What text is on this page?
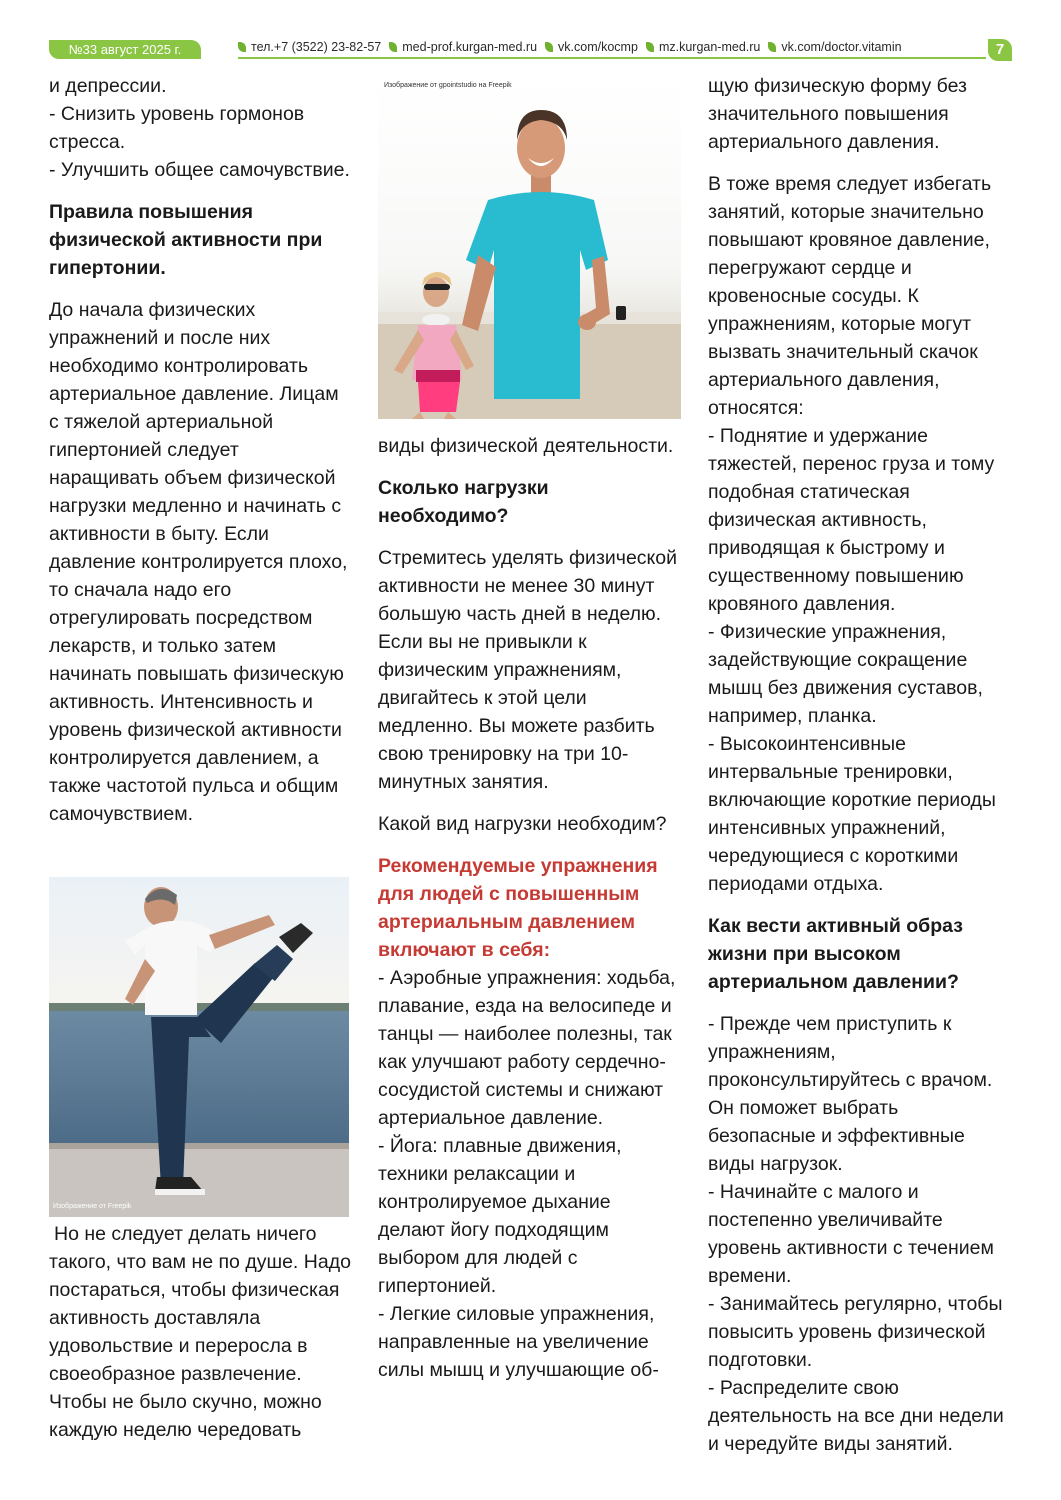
№33 август 2025 г.	тел.+7 (3522) 23-82-57 med-prof.kurgan-med.ru vk.com/kocmp mz.kurgan-med.ru vk.com/doctor.vitamin	7
Изображение от gpointstudio на Freepik
Изображение от Freepik

и депрессии.

- Снизить уровень гормонов стресса.

- Улучшить общее самочувствие.

Правила повышения физической активности при гипертонии.

До начала физических упражнений и после них необходимо контролировать артериальное давление. Лицам с тяжелой артериальной гипертонией следует наращивать объем физической нагрузки медленно и начинать с активности в быту. Если давление контролируется плохо, то сначала надо его отрегулировать посредством лекарств, и только затем начинать повышать физическую активность. Интенсивность и уровень физической активности контролируется давлением, а также частотой пульса и общим самочувствием.

Но не следует делать ничего такого, что вам не по душе. Надо постараться, чтобы физическая активность доставляла удовольствие и переросла в своеобразное развлечение. Чтобы не было скучно, можно каждую неделю чередовать

виды физической деятельности.

Сколько нагрузки необходимо?

Стремитесь уделять физической активности не менее 30 минут большую часть дней в неделю. Если вы не привыкли к физическим упражнениям, двигайтесь к этой цели медленно. Вы можете разбить свою тренировку на три 10-минутных занятия.

Какой вид нагрузки необходим?

Рекомендуемые упражнения для людей с повышенным артериальным давлением включают в себя:

- Аэробные упражнения: ходьба, плавание, езда на велосипеде и танцы — наиболее полезны, так как улучшают работу сердечно-сосудистой системы и снижают артериальное давление.

- Йога: плавные движения, техники релаксации и контролируемое дыхание делают йогу подходящим выбором для людей с гипертонией.

- Легкие силовые упражнения, направленные на увеличение силы мышц и улучшающие об-

щую физическую форму без значительного повышения артериального давления.

В тоже время следует избегать занятий, которые значительно повышают кровяное давление, перегружают сердце и кровеносные сосуды. К упражнениям, которые могут вызвать значительный скачок артериального давления, относятся:

- Поднятие и удержание тяжестей, перенос груза и тому подобная статическая физическая активность, приводящая к быстрому и существенному повышению кровяного давления.

- Физические упражнения, задействующие сокращение мышц без движения суставов, например, планка.

- Высокоинтенсивные интервальные тренировки, включающие короткие периоды интенсивных упражнений, чередующиеся с короткими периодами отдыха.

Как вести активный образ жизни при высоком артериальном давлении?

- Прежде чем приступить к упражнениям, проконсультируйтесь с врачом. Он поможет выбрать безопасные и эффективные виды нагрузок.

- Начинайте с малого и постепенно увеличивайте уровень активности с течением времени.

- Занимайтесь регулярно, чтобы повысить уровень физической подготовки.

- Распределите свою деятельность на все дни недели и чередуйте виды занятий.
